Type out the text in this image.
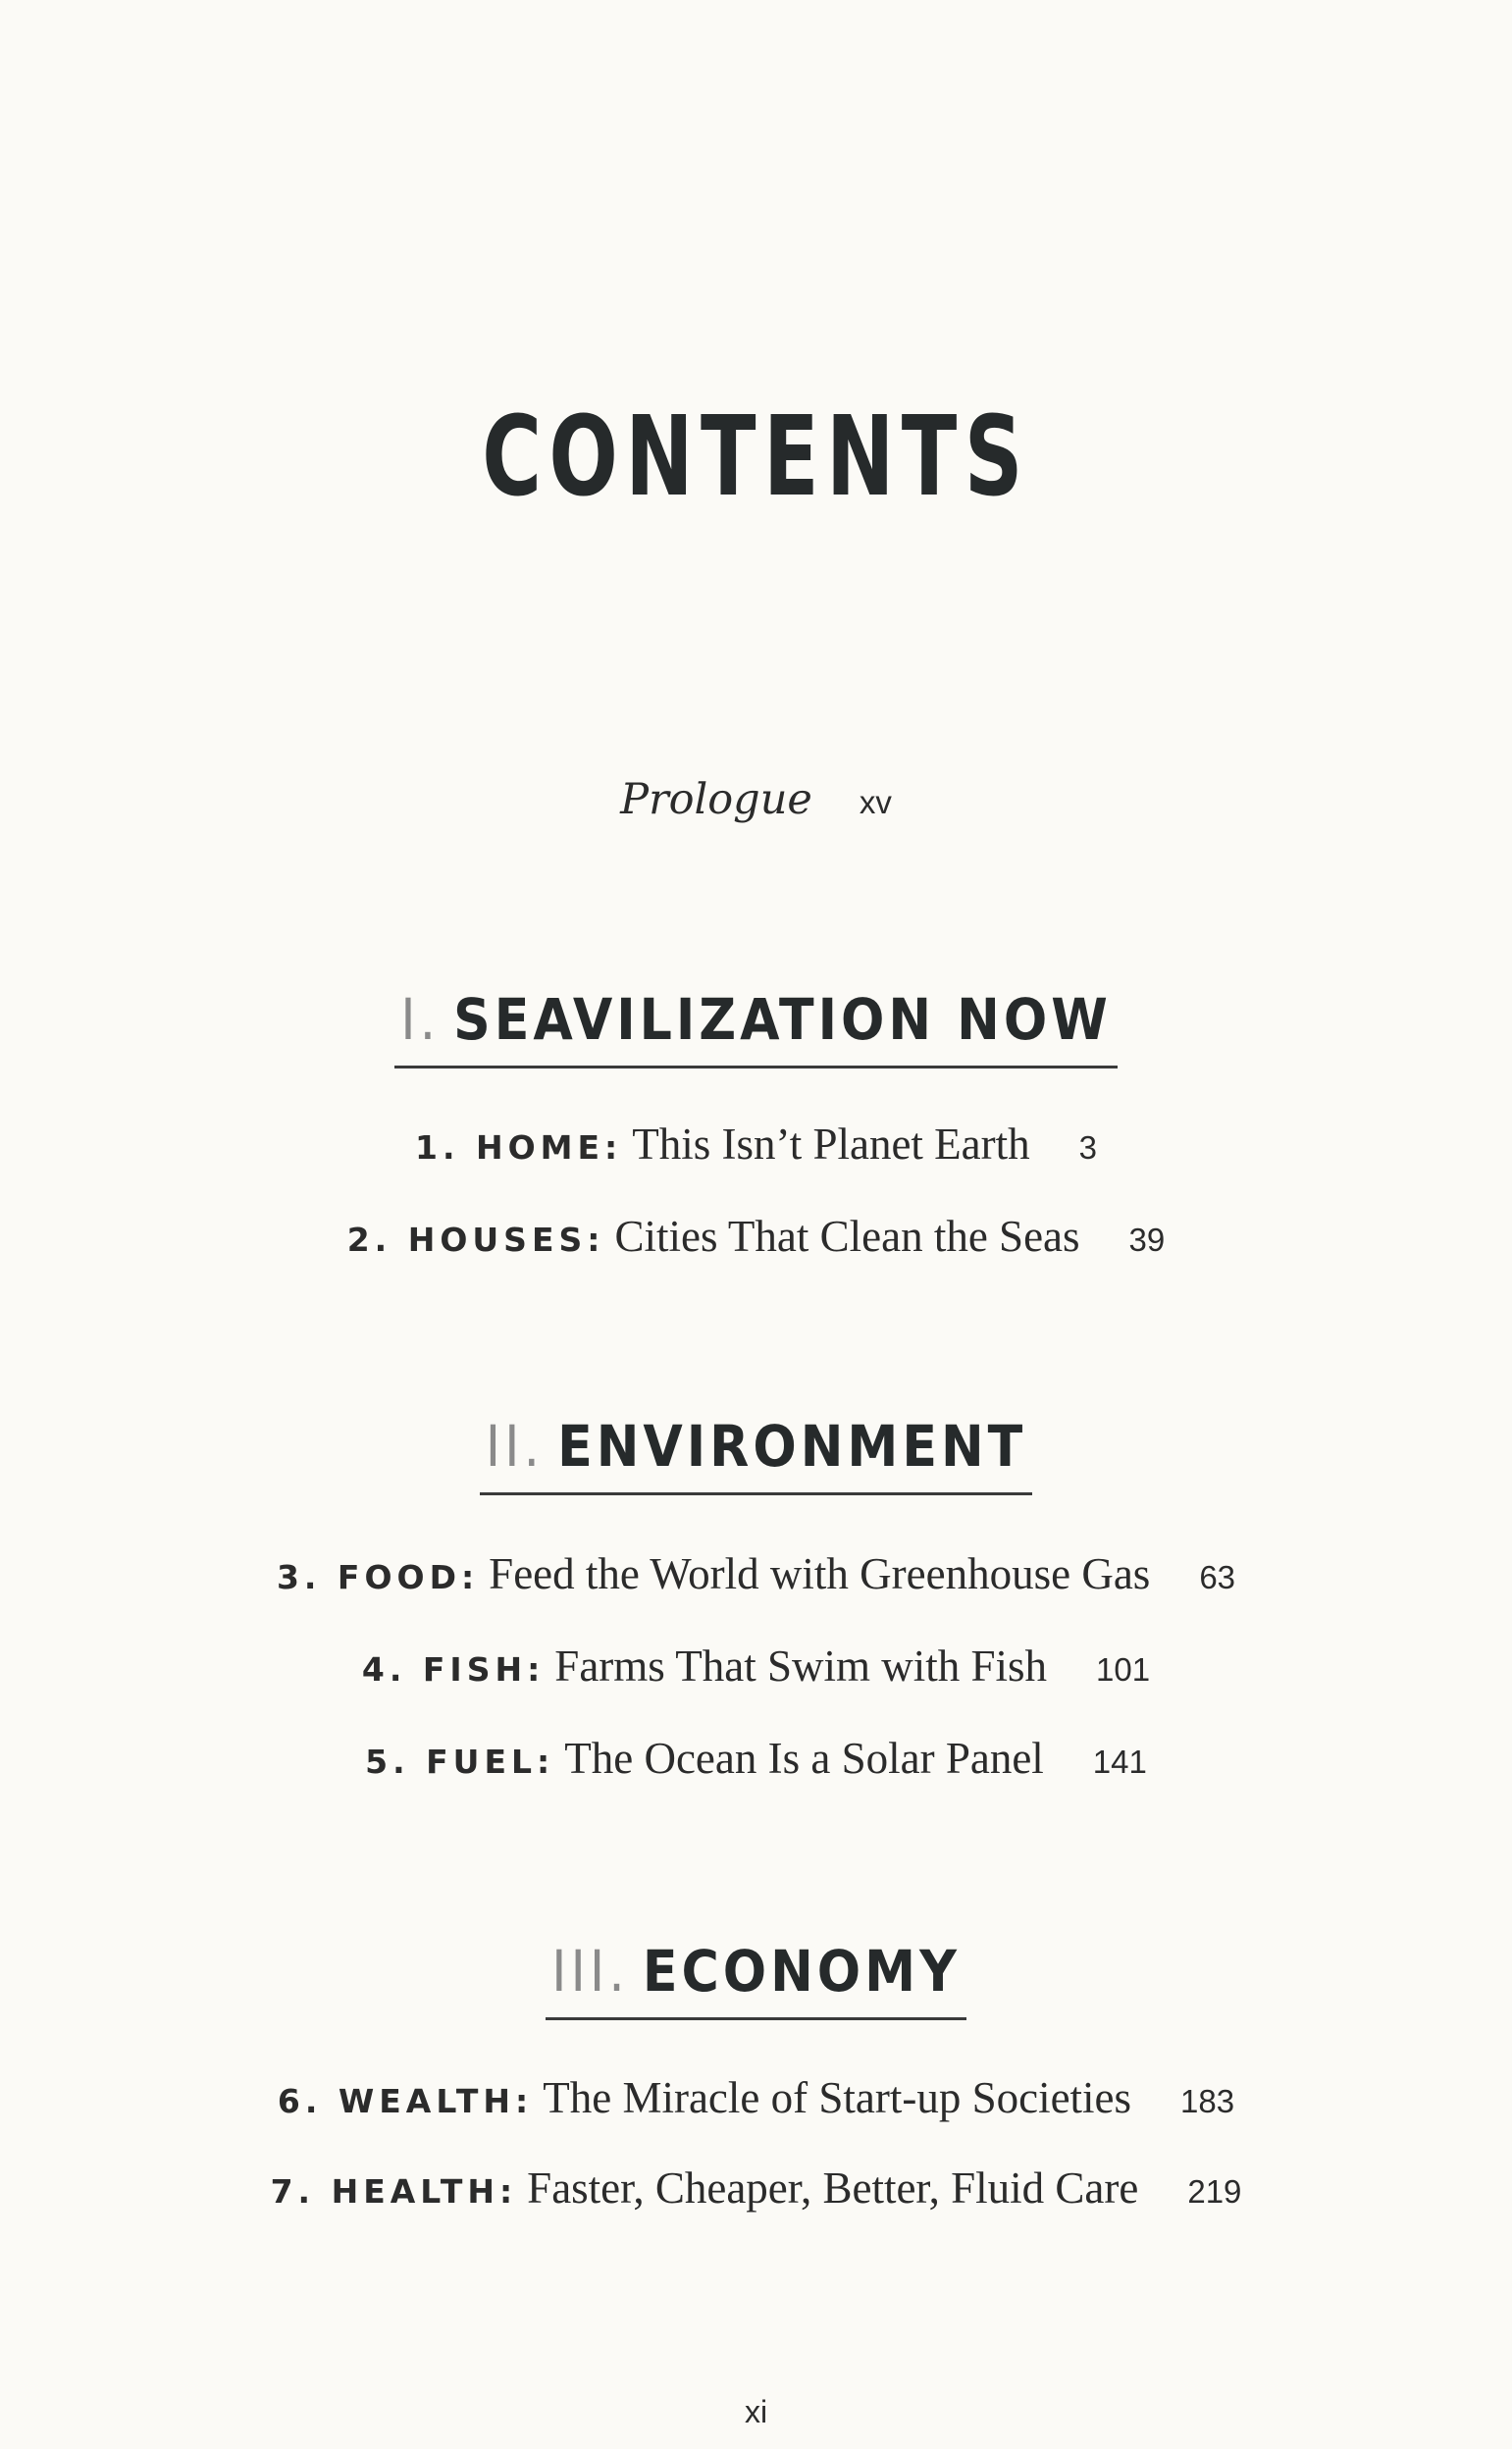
CONTENTS
Prologue xv
I. SEAVILIZATION NOW
1. HOME: This Isn’t Planet Earth 3
2. HOUSES: Cities That Clean the Seas 39
II. ENVIRONMENT
3. FOOD: Feed the World with Greenhouse Gas 63
4. FISH: Farms That Swim with Fish 101
5. FUEL: The Ocean Is a Solar Panel 141
III. ECONOMY
6. WEALTH: The Miracle of Start-up Societies 183
7. HEALTH: Faster, Cheaper, Better, Fluid Care 219
xi
